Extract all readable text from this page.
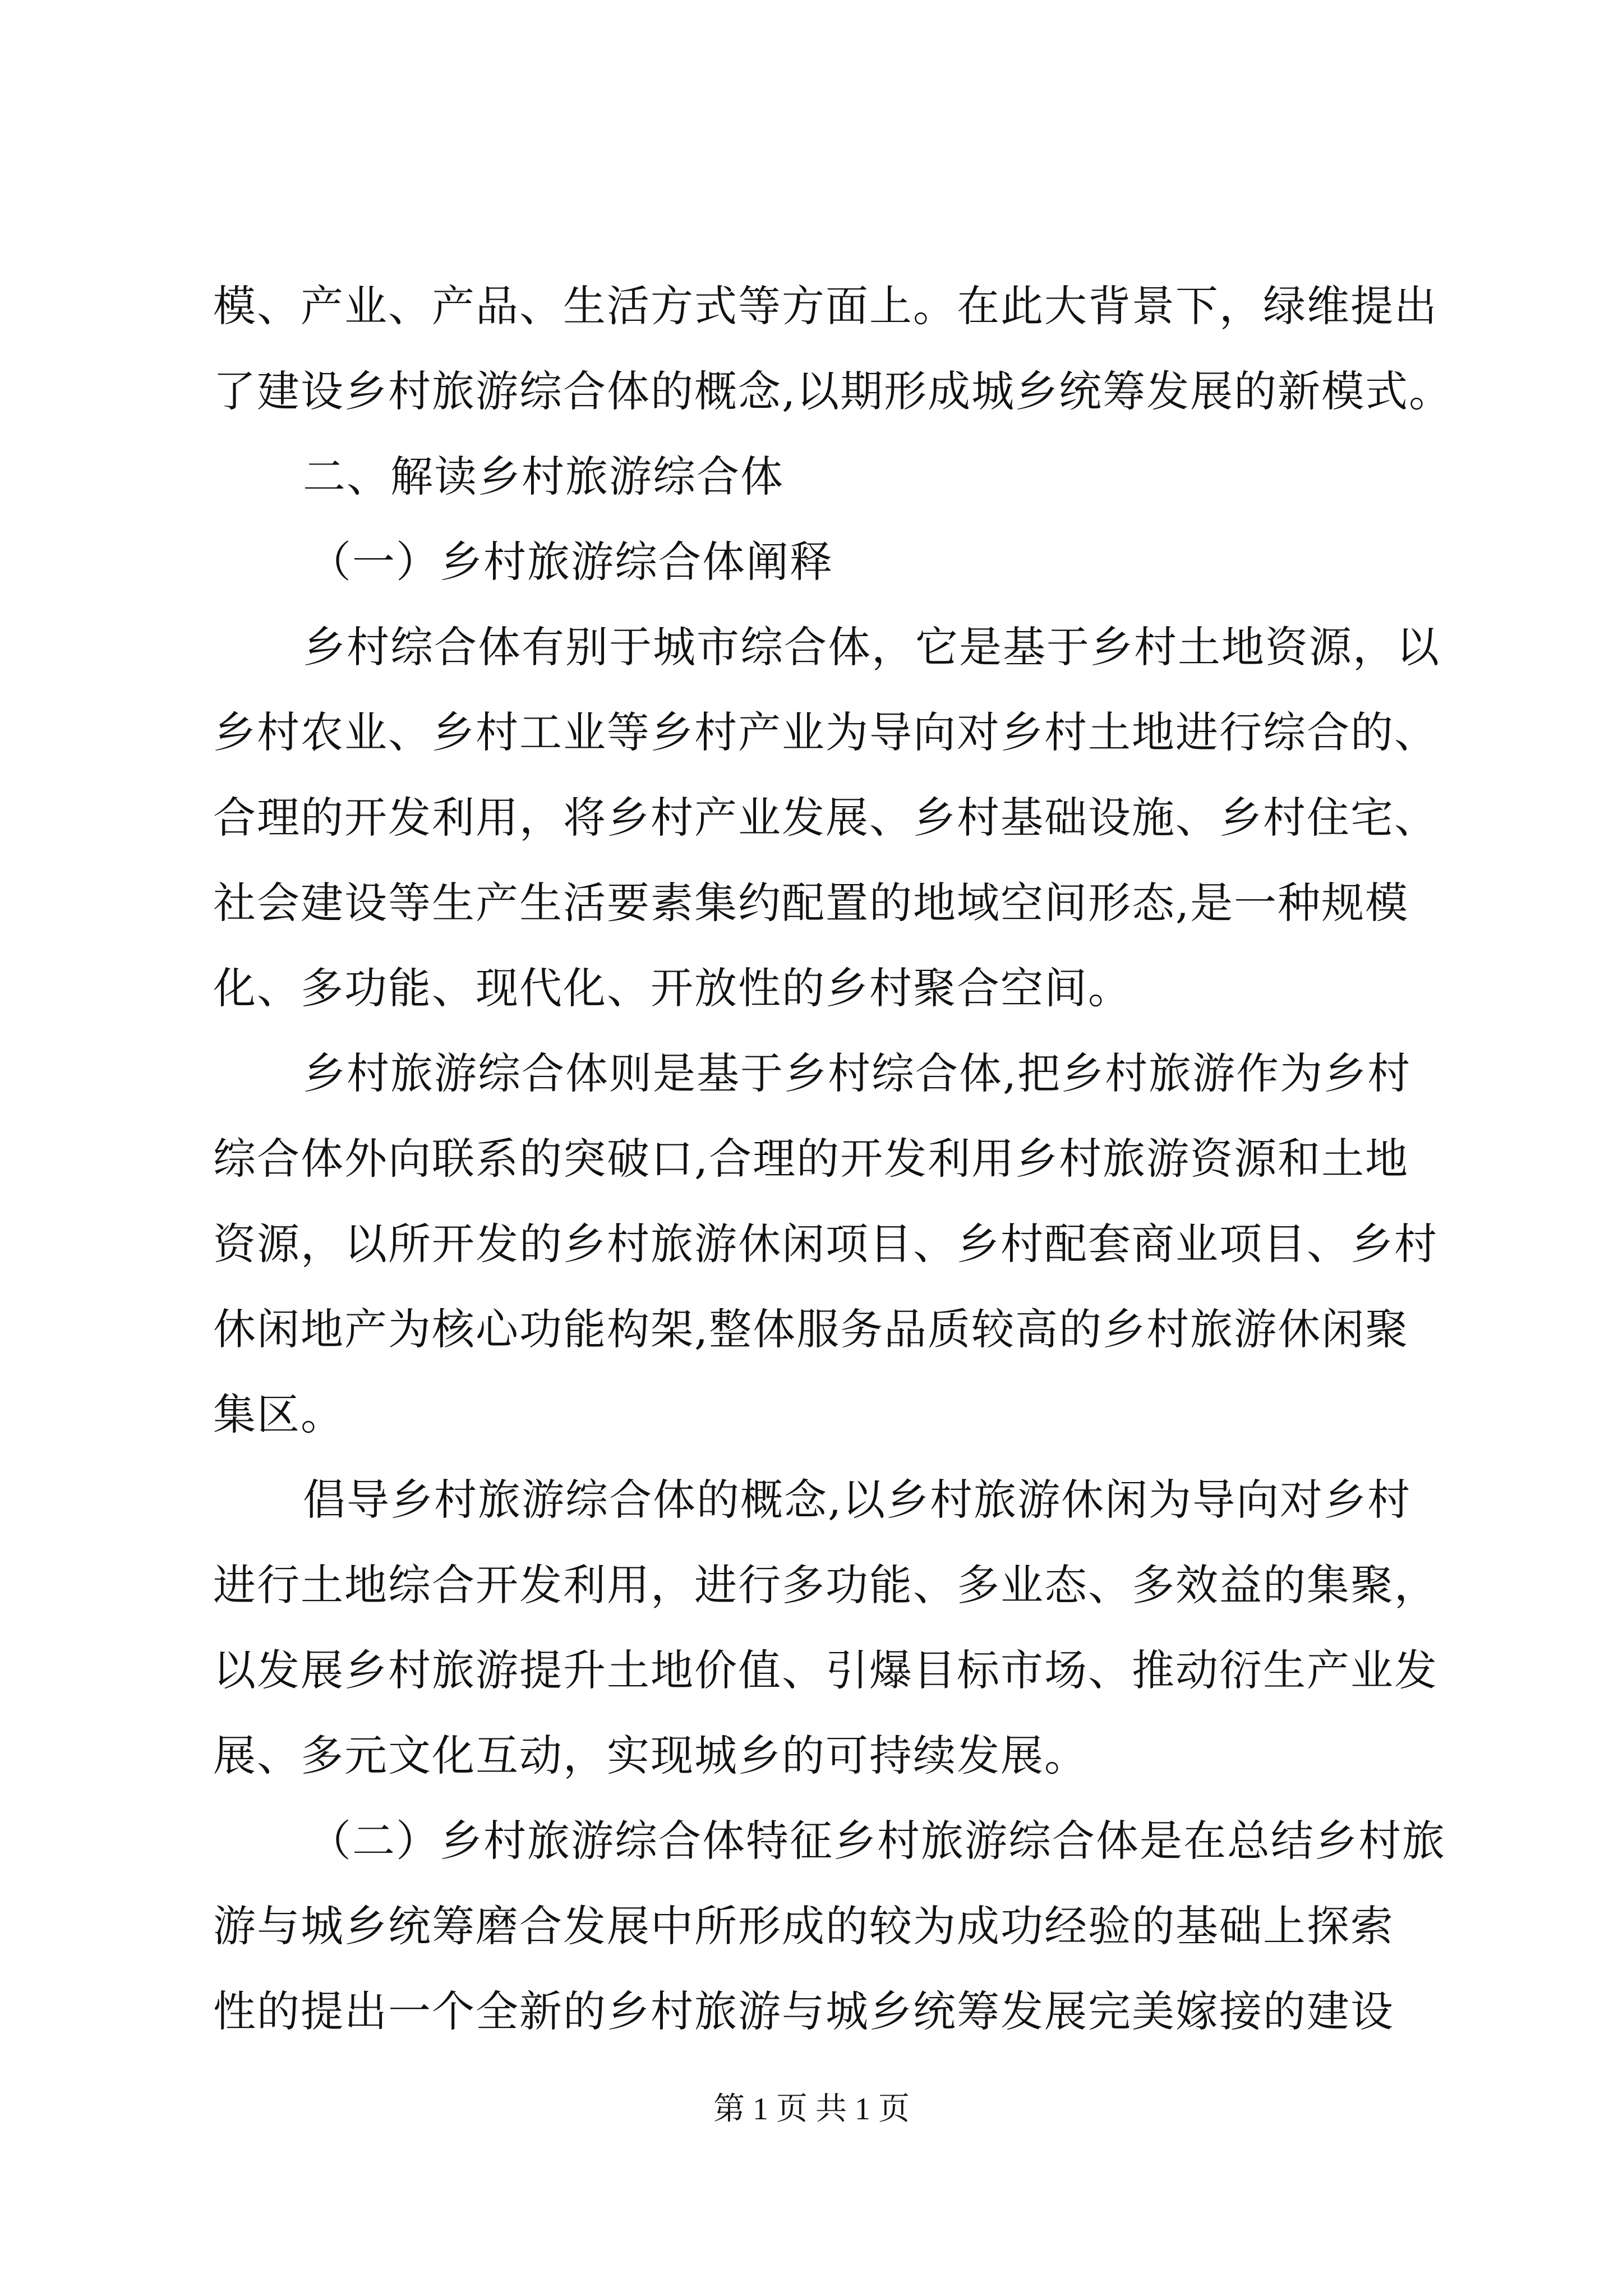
模、产业、产品、生活方式等方面上。在此大背景下，绿维提出
了建设乡村旅游综合体的概念,以期形成城乡统筹发展的新模式。
二、解读乡村旅游综合体
（一）乡村旅游综合体阐释
乡村综合体有别于城市综合体，它是基于乡村土地资源，以
乡村农业、乡村工业等乡村产业为导向对乡村土地进行综合的、
合理的开发利用，将乡村产业发展、乡村基础设施、乡村住宅、
社会建设等生产生活要素集约配置的地域空间形态,是一种规模
化、多功能、现代化、开放性的乡村聚合空间。
乡村旅游综合体则是基于乡村综合体,把乡村旅游作为乡村
综合体外向联系的突破口,合理的开发利用乡村旅游资源和土地
资源，以所开发的乡村旅游休闲项目、乡村配套商业项目、乡村
休闲地产为核心功能构架,整体服务品质较高的乡村旅游休闲聚
集区。
倡导乡村旅游综合体的概念,以乡村旅游休闲为导向对乡村
进行土地综合开发利用，进行多功能、多业态、多效益的集聚，
以发展乡村旅游提升土地价值、引爆目标市场、推动衍生产业发
展、多元文化互动，实现城乡的可持续发展。
（二）乡村旅游综合体特征乡村旅游综合体是在总结乡村旅
游与城乡统筹磨合发展中所形成的较为成功经验的基础上探索
性的提出一个全新的乡村旅游与城乡统筹发展完美嫁接的建设
第 1 页 共 1 页
